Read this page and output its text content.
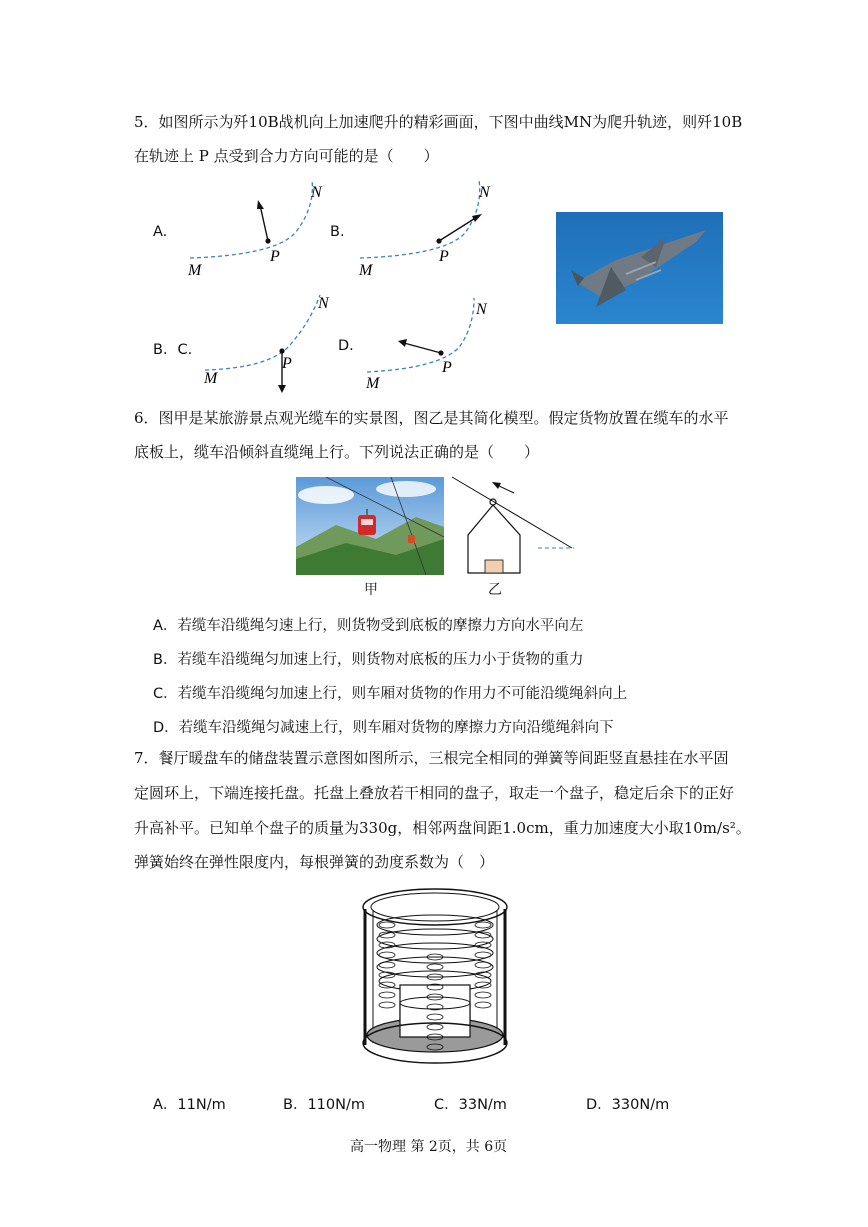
5．如图所示为歼10B战机向上加速爬升的精彩画面，下图中曲线MN为爬升轨迹，则歼10B
在轨迹上 P 点受到合力方向可能的是（　　）
A.
M
N
P
B.
M
N
P
B．C.
M
N
P
D.
M
N
P
6．图甲是某旅游景点观光缆车的实景图，图乙是其简化模型。假定货物放置在缆车的水平
底板上，缆车沿倾斜直缆绳上行。下列说法正确的是（　　）
甲	乙
A．若缆车沿缆绳匀速上行，则货物受到底板的摩擦力方向水平向左
B．若缆车沿缆绳匀加速上行，则货物对底板的压力小于货物的重力
C．若缆车沿缆绳匀加速上行，则车厢对货物的作用力不可能沿缆绳斜向上
D．若缆车沿缆绳匀减速上行，则车厢对货物的摩擦力方向沿缆绳斜向下
7．餐厅暖盘车的储盘装置示意图如图所示，三根完全相同的弹簧等间距竖直悬挂在水平固
定圆环上，下端连接托盘。托盘上叠放若干相同的盘子，取走一个盘子，稳定后余下的正好
升高补平。已知单个盘子的质量为330g，相邻两盘间距1.0cm，重力加速度大小取10m/s²。
弹簧始终在弹性限度内，每根弹簧的劲度系数为（　）
A．11N/m	B．110N/m	C．33N/m	D．330N/m
高一物理 第 2页，共 6页
